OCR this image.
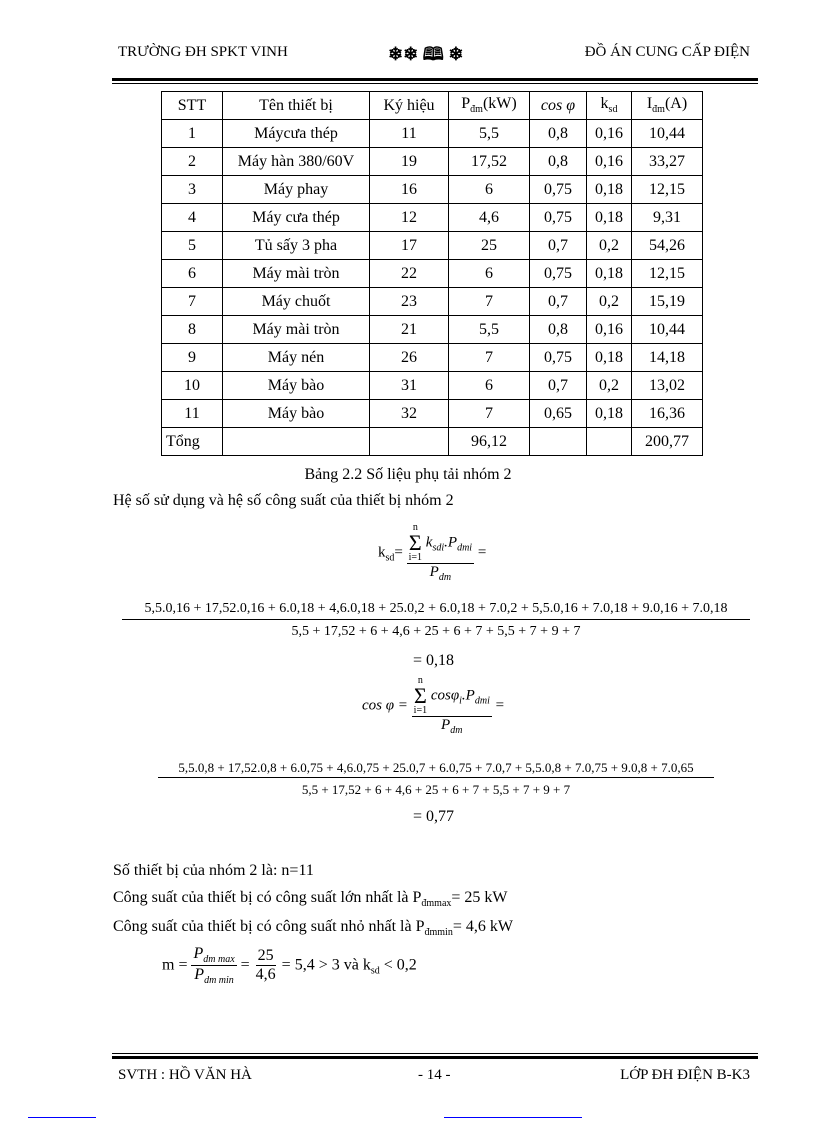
TRƯỜNG ĐH SPKT VINH	❄❄ 🕮 ❄	ĐỒ ÁN CUNG CẤP ĐIỆN
STT	Tên thiết bị	Ký hiệu	$P_{đm}(kW)$	cos φ	$k_{sd}$	$I_{đm}(A)$
1	Máycưa thép	11	5,5	0,8	0,16	10,44
2	Máy hàn 380/60V	19	17,52	0,8	0,16	33,27
3	Máy phay	16	6	0,75	0,18	12,15
4	Máy cưa thép	12	4,6	0,75	0,18	9,31
5	Tủ sấy 3 pha	17	25	0,7	0,2	54,26
6	Máy mài tròn	22	6	0,75	0,18	12,15
7	Máy chuốt	23	7	0,7	0,2	15,19
8	Máy mài tròn	21	5,5	0,8	0,16	10,44
9	Máy nén	26	7	0,75	0,18	14,18
10	Máy bào	31	6	0,7	0,2	13,02
11	Máy bào	32	7	0,65	0,18	16,36
Tổng			96,12			200,77
Bảng 2.2 Số liệu phụ tải nhóm 2
Hệ số sử dụng và hệ số công suất của thiết bị nhóm 2
$k_{sd}= n$
Σ
i=1
$k_{sdi}.P_{dmi}$
$P_{dm}$ =
5,5.0,16 + 17,52.0,16 + 6.0,18 + 4,6.0,18 + 25.0,2 + 6.0,18 + 7.0,2 + 5,5.0,16 + 7.0,18 + 9.0,16 + 7.0,18
5,5 + 17,52 + 6 + 4,6 + 25 + 6 + 7 + 5,5 + 7 + 9 + 7
= 0,18
cos φ = n
Σ
i=1
$\cos\varphi_i.P_{dmi}$
$P_{dm}$ =
5,5.0,8 + 17,52.0,8 + 6.0,75 + 4,6.0,75 + 25.0,7 + 6.0,75 + 7.0,7 + 5,5.0,8 + 7.0,75 + 9.0,8 + 7.0,65
5,5 + 17,52 + 6 + 4,6 + 25 + 6 + 7 + 5,5 + 7 + 9 + 7
= 0,77
Số thiết bị của nhóm 2 là: n=11
Công suất của thiết bị có công suất lớn nhất là $P_{đmmax}= 25$ kW
Công suất của thiết bị có công suất nhỏ nhất là $P_{đmmin}= 4,6$ kW
$m = \frac{P_{dm max}}{P_{dm min}} = \frac{25}{4,6} = 5,4 > 3$ và $k_{sd} < 0,2$
SVTH : HỒ VĂN HÀ	- 14 -	LỚP ĐH ĐIỆN B-K3
